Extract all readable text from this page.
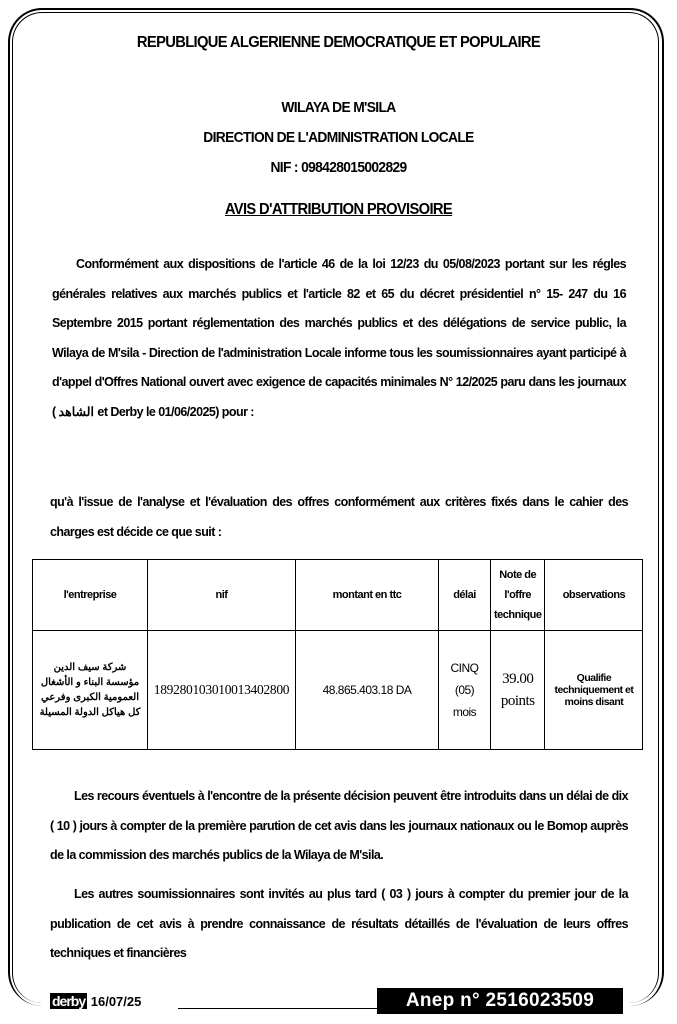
REPUBLIQUE ALGERIENNE DEMOCRATIQUE ET POPULAIRE
WILAYA DE M'SILA
DIRECTION DE L'ADMINISTRATION LOCALE
NIF : 098428015002829
AVIS D'ATTRIBUTION PROVISOIRE

Conformément aux dispositions de l'article 46 de la loi 12/23 du 05/08/2023 portant sur les régles générales relatives aux marchés publics et l'article 82 et 65 du décret présidentiel n° 15- 247 du 16 Septembre 2015 portant réglementation des marchés publics et des délégations de service public, la Wilaya de M'sila - Direction de l'administration Locale informe tous les soumissionnaires ayant participé à d'appel d'Offres National ouvert avec exigence de capacités minimales N° 12/2025 paru dans les journaux ( الشاهد et Derby le 01/06/2025) pour :

qu'à l'issue de l'analyse et l'évaluation des offres conformément aux critères fixés dans le cahier des charges est décide ce que suit :

l'entreprise	nif	montant en ttc	délai	Note de l'offre technique	observations
شركة سيف الدين مؤسسة البناء و الأشغال العمومية الكبرى وفرعي كل هياكل الدولة المسيلة	189280103010013402800	48.865.403.18 DA	CINQ (05) mois	39.00 points	Qualifie techniquement et moins disant

Les recours éventuels à l'encontre de la présente décision peuvent être introduits dans un délai de dix ( 10 ) jours à compter de la première parution de cet avis dans les journaux nationaux ou le Bomop auprès de la commission des marchés publics de la Wilaya de M'sila.

Les autres soumissionnaires sont invités au plus tard ( 03 ) jours à compter du premier jour de la publication de cet avis à prendre connaissance de résultats détaillés de l'évaluation de leurs offres techniques et financières

derby 16/07/25	Anep n° 2516023509
